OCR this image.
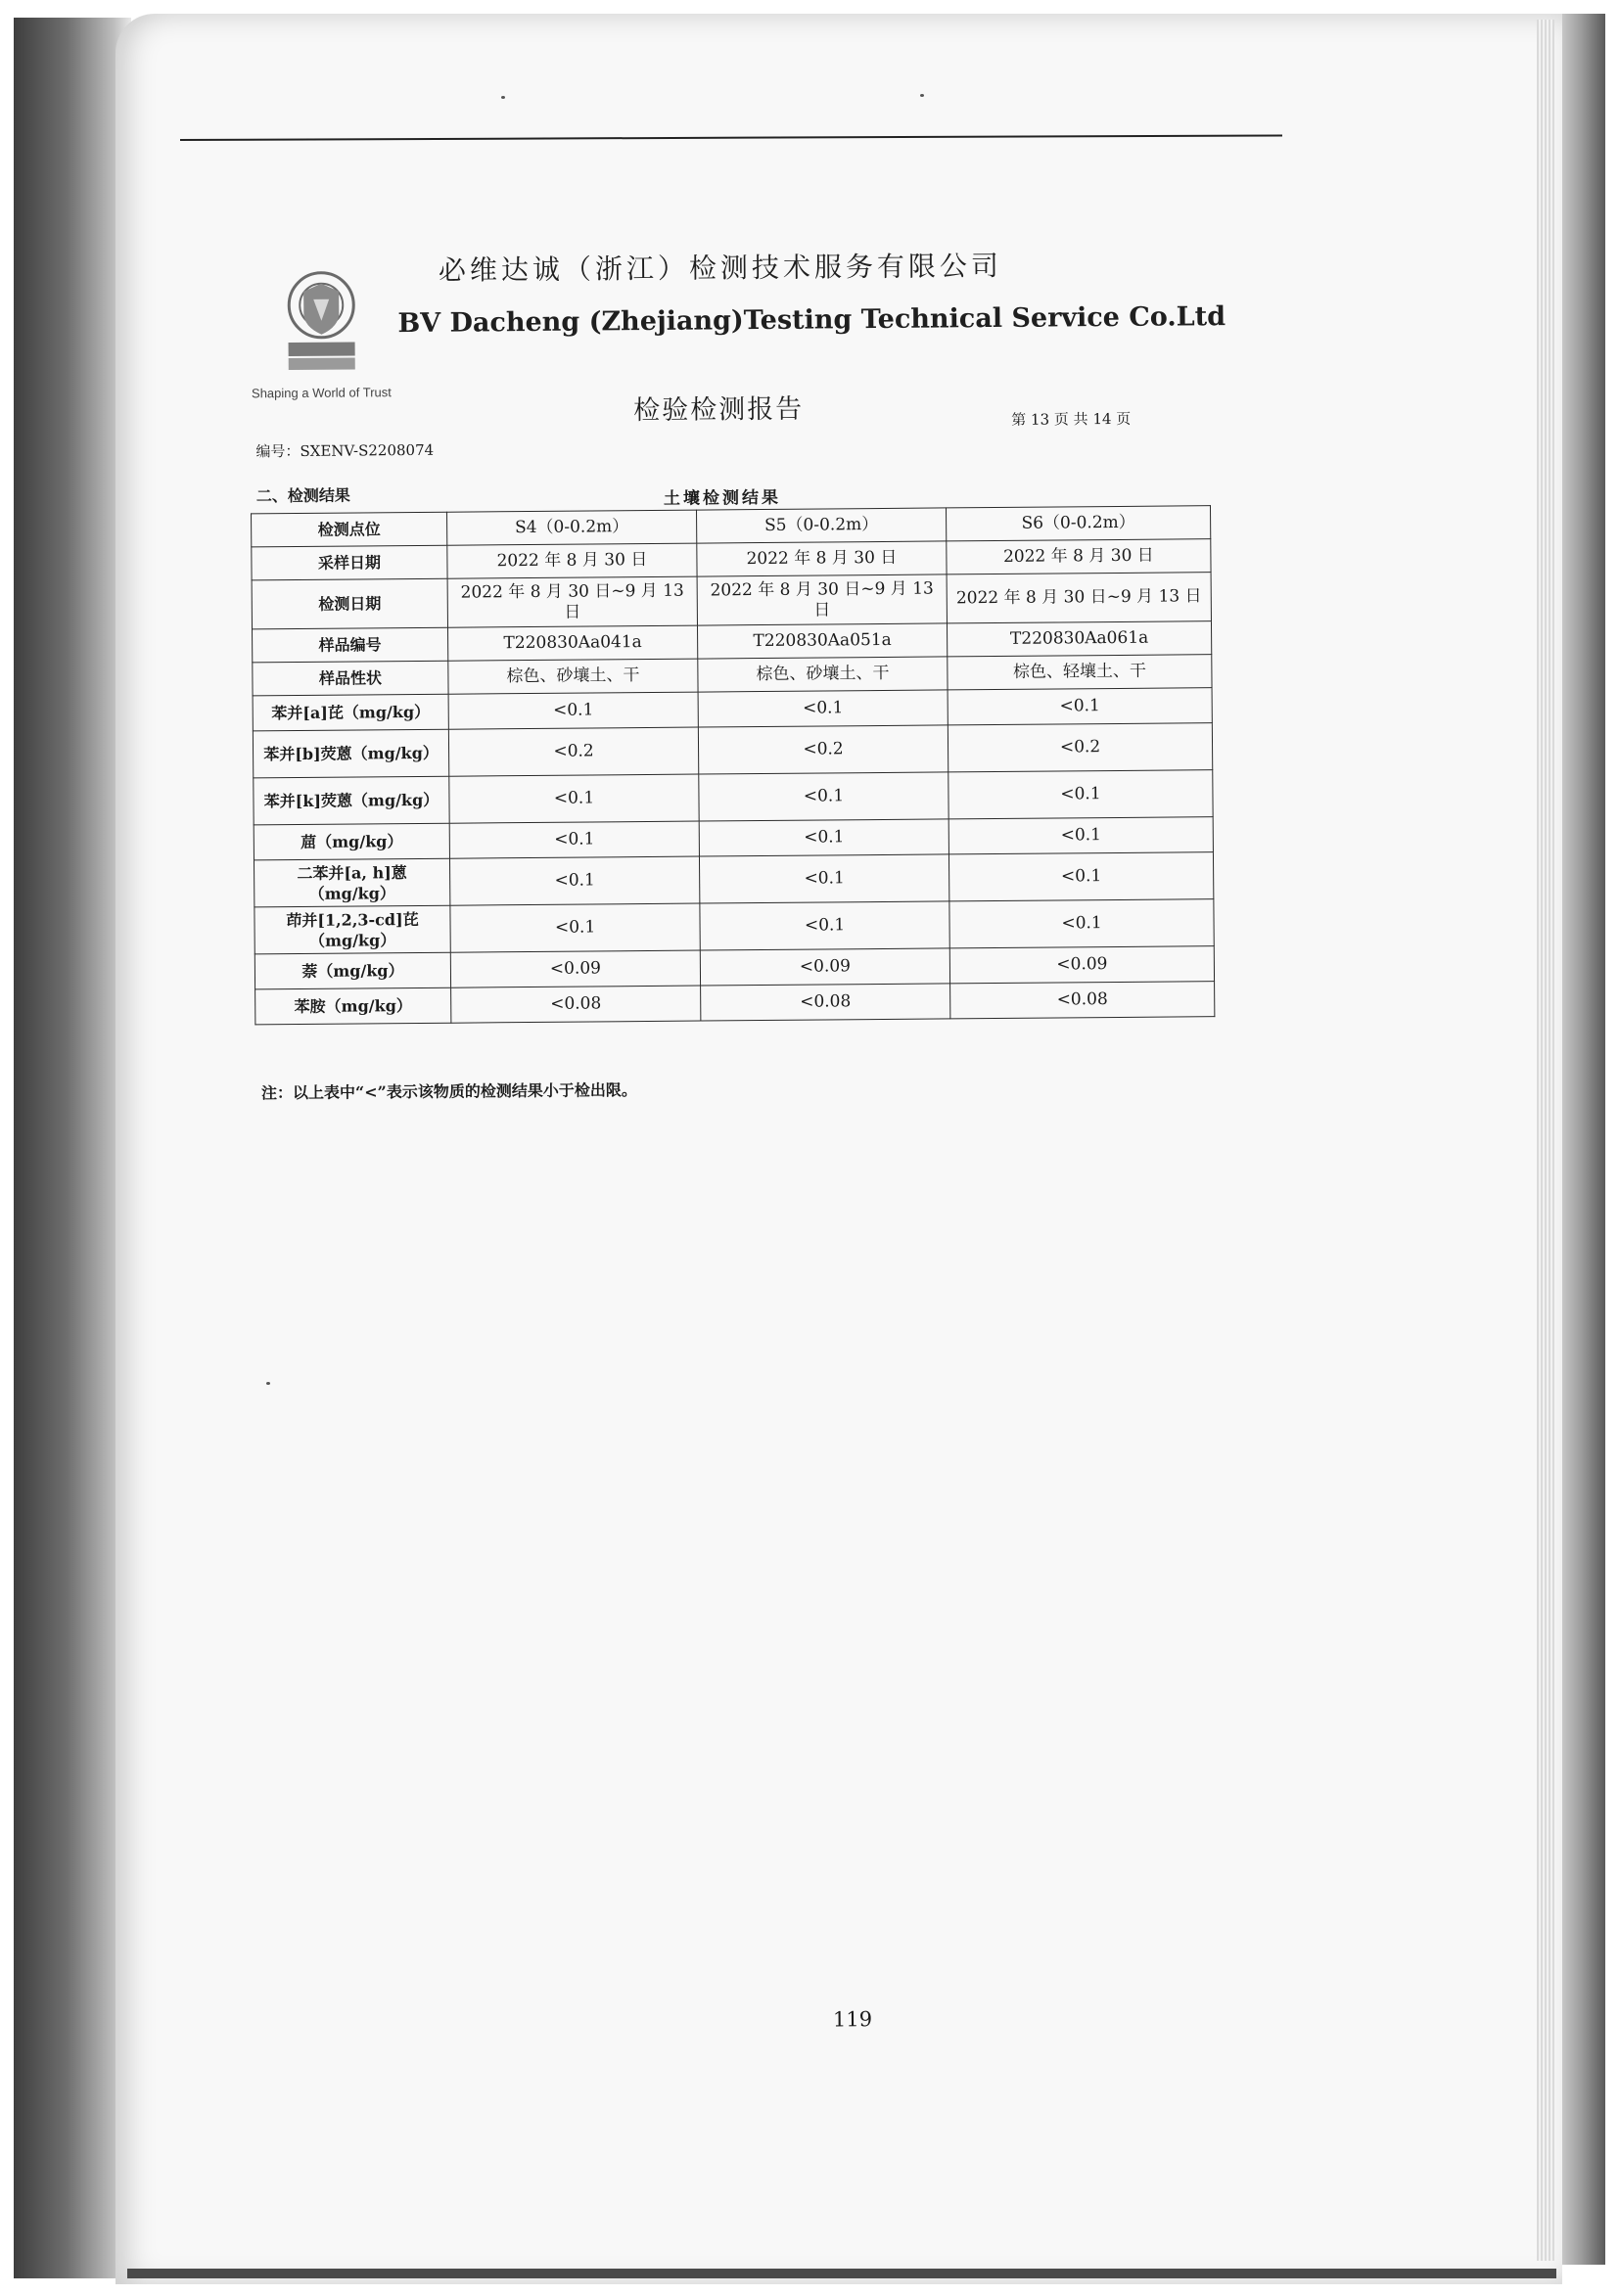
Shaping a World of Trust
必维达诚（浙江）检测技术服务有限公司
BV Dacheng (Zhejiang)Testing Technical Service Co.Ltd
检验检测报告	第 13 页 共 14 页
编号：SXENV-S2208074
二、检测结果	土壤检测结果
检测点位	S4（0-0.2m）	S5（0-0.2m）	S6（0-0.2m）
采样日期	2022 年 8 月 30 日	2022 年 8 月 30 日	2022 年 8 月 30 日
检测日期	2022 年 8 月 30 日~9 月 13 日	2022 年 8 月 30 日~9 月 13 日	2022 年 8 月 30 日~9 月 13 日
样品编号	T220830Aa041a	T220830Aa051a	T220830Aa061a
样品性状	棕色、砂壤土、干	棕色、砂壤土、干	棕色、轻壤土、干
苯并[a]芘（mg/kg）	<0.1	<0.1	<0.1
苯并[b]荧蒽（mg/kg）	<0.2	<0.2	<0.2
苯并[k]荧蒽（mg/kg）	<0.1	<0.1	<0.1
䓛（mg/kg）	<0.1	<0.1	<0.1
二苯并[a, h]蒽（mg/kg）	<0.1	<0.1	<0.1
茚并[1,2,3-cd]芘（mg/kg）	<0.1	<0.1	<0.1
萘（mg/kg）	<0.09	<0.09	<0.09
苯胺（mg/kg）	<0.08	<0.08	<0.08
注：以上表中“<”表示该物质的检测结果小于检出限。
119
